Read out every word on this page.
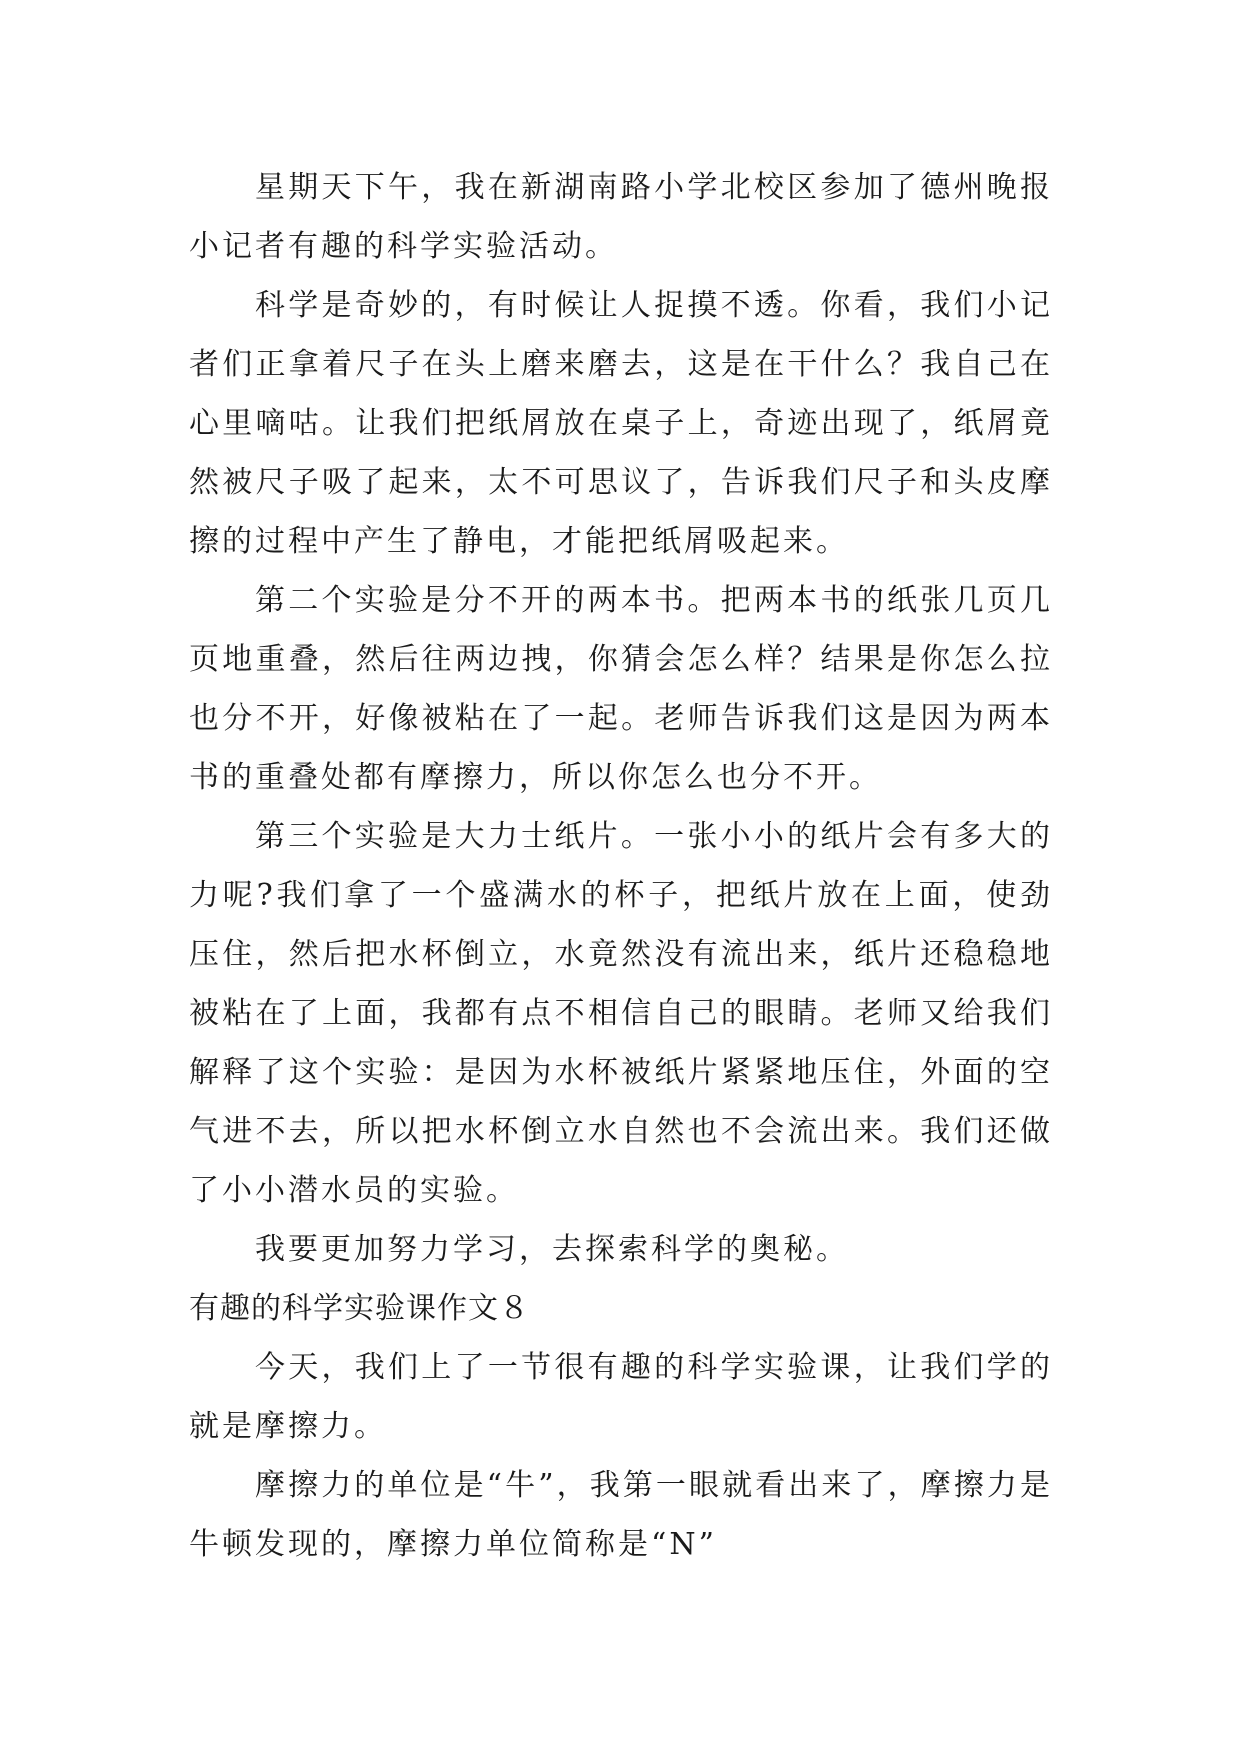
星期天下午，我在新湖南路小学北校区参加了德州晚报小记者有趣的科学实验活动。

科学是奇妙的，有时候让人捉摸不透。你看，我们小记者们正拿着尺子在头上磨来磨去，这是在干什么？我自己在心里嘀咕。让我们把纸屑放在桌子上，奇迹出现了，纸屑竟然被尺子吸了起来，太不可思议了，告诉我们尺子和头皮摩擦的过程中产生了静电，才能把纸屑吸起来。

第二个实验是分不开的两本书。把两本书的纸张几页几页地重叠，然后往两边拽，你猜会怎么样？结果是你怎么拉也分不开，好像被粘在了一起。老师告诉我们这是因为两本书的重叠处都有摩擦力，所以你怎么也分不开。

第三个实验是大力士纸片。一张小小的纸片会有多大的力呢?我们拿了一个盛满水的杯子，把纸片放在上面，使劲压住，然后把水杯倒立，水竟然没有流出来，纸片还稳稳地被粘在了上面，我都有点不相信自己的眼睛。老师又给我们解释了这个实验：是因为水杯被纸片紧紧地压住，外面的空气进不去，所以把水杯倒立水自然也不会流出来。我们还做了小小潜水员的实验。

我要更加努力学习，去探索科学的奥秘。

有趣的科学实验课作文８

今天，我们上了一节很有趣的科学实验课，让我们学的就是摩擦力。

摩擦力的单位是“牛”，我第一眼就看出来了，摩擦力是牛顿发现的，摩擦力单位简称是“N”
